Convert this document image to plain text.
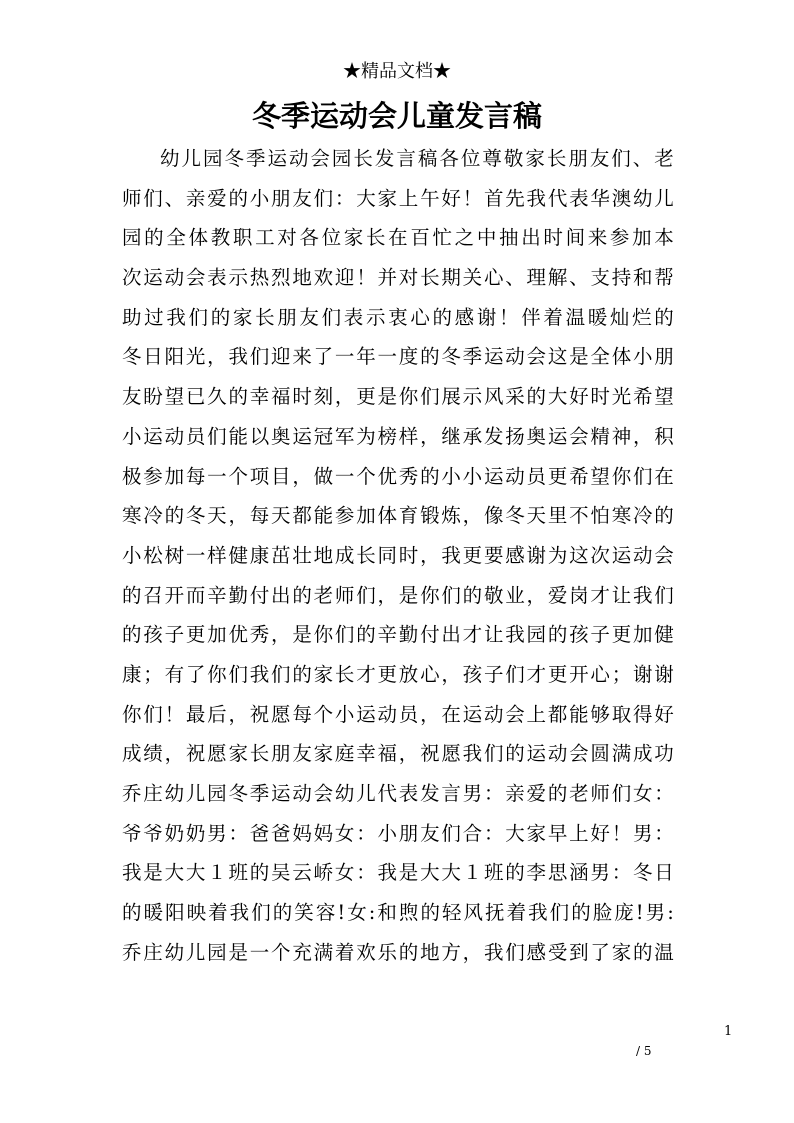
★精品文档★
冬季运动会儿童发言稿
幼儿园冬季运动会园长发言稿各位尊敬家长朋友们、老
师们、亲爱的小朋友们：大家上午好！首先我代表华澳幼儿
园的全体教职工对各位家长在百忙之中抽出时间来参加本
次运动会表示热烈地欢迎！并对长期关心、理解、支持和帮
助过我们的家长朋友们表示衷心的感谢！伴着温暖灿烂的
冬日阳光，我们迎来了一年一度的冬季运动会这是全体小朋
友盼望已久的幸福时刻，更是你们展示风采的大好时光希望
小运动员们能以奥运冠军为榜样，继承发扬奥运会精神，积
极参加每一个项目，做一个优秀的小小运动员更希望你们在
寒冷的冬天，每天都能参加体育锻炼，像冬天里不怕寒冷的
小松树一样健康茁壮地成长同时，我更要感谢为这次运动会
的召开而辛勤付出的老师们，是你们的敬业，爱岗才让我们
的孩子更加优秀，是你们的辛勤付出才让我园的孩子更加健
康；有了你们我们的家长才更放心，孩子们才更开心；谢谢
你们！最后，祝愿每个小运动员，在运动会上都能够取得好
成绩，祝愿家长朋友家庭幸福，祝愿我们的运动会圆满成功
乔庄幼儿园冬季运动会幼儿代表发言男：亲爱的老师们女：
爷爷奶奶男：爸爸妈妈女：小朋友们合：大家早上好！男：
我是大大１班的吴云峤女：我是大大１班的李思涵男：冬日
的暖阳映着我们的笑容!女:和煦的轻风抚着我们的脸庞!男:
乔庄幼儿园是一个充满着欢乐的地方，我们感受到了家的温
1
/ 5
